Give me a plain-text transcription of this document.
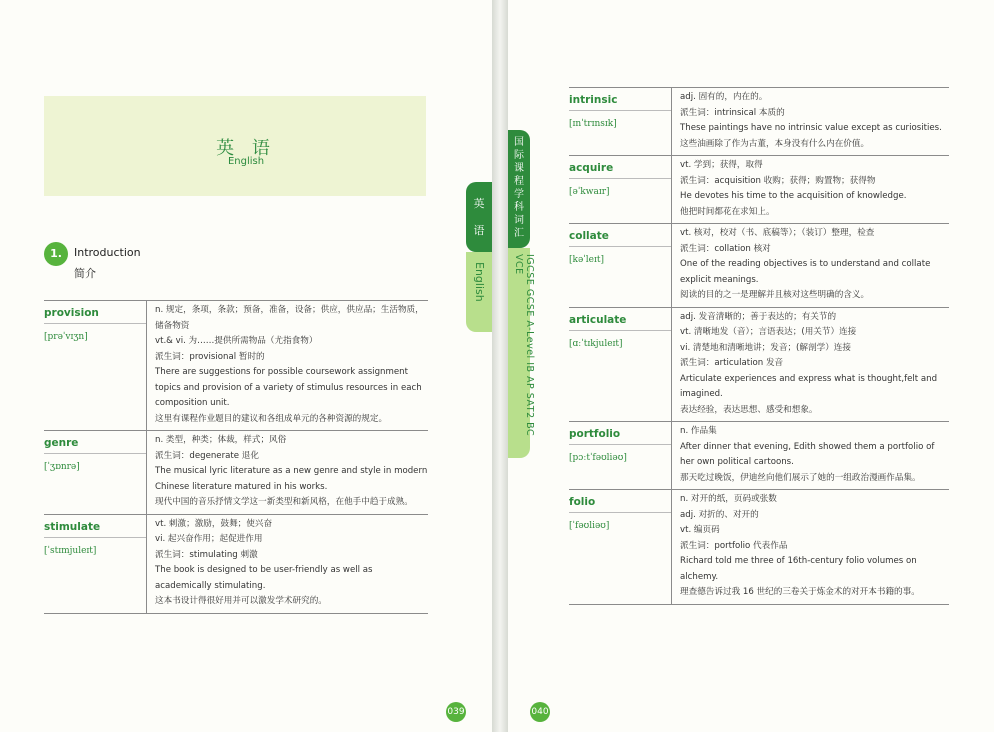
英 语
English
1.	Introduction
简介
英
语
English
provision
[prəˈvɪʒn]
n. 规定，条项，条款；预备，准备，设备；供应，供应品；生活物质，储备物资
vt.& vi. 为……提供所需物品（尤指食物）
派生词：provisional 暂时的
There are suggestions for possible coursework assignment topics and provision of a variety of stimulus resources in each composition unit.
这里有课程作业题目的建议和各组成单元的各种资源的规定。
genre
[ˈʒɒnrə]
n. 类型，种类；体裁，样式；风俗
派生词：degenerate 退化
The musical lyric literature as a new genre and style in modern Chinese literature matured in his works.
现代中国的音乐抒情文学这一新类型和新风格，在他手中趋于成熟。
stimulate
[ˈstɪmjuleɪt]
vt. 刺激；激励，鼓舞；使兴奋
vi. 起兴奋作用；起促进作用
派生词：stimulating 刺激
The book is designed to be user-friendly as well as academically stimulating.
这本书设计得很好用并可以激发学术研究的。
039
国
际
课
程
学
科
词
汇
IGCSE GCSE A-Level IB AP SAT2 BC VCE
intrinsic
[ɪnˈtrɪnsɪk]
adj. 固有的，内在的。
派生词：intrinsical 本质的
These paintings have no intrinsic value except as curiosities.
这些油画除了作为古董，本身没有什么内在价值。
acquire
[əˈkwaɪr]
vt. 学到；获得，取得
派生词：acquisition 收购；获得；购置物；获得物
He devotes his time to the acquisition of knowledge.
他把时间都花在求知上。
collate
[kəˈleɪt]
vt. 核对，校对（书、底稿等）；（装订）整理，检查
派生词：collation 核对
One of the reading objectives is to understand and collate explicit meanings.
阅读的目的之一是理解并且核对这些明确的含义。
articulate
[ɑːˈtɪkjuleɪt]
adj. 发音清晰的；善于表达的；有关节的
vt. 清晰地发（音）；言语表达；(用关节）连接
vi. 清楚地和清晰地讲；发音；(解剖学）连接
派生词：articulation 发音
Articulate experiences and express what is thought,felt and imagined.
表达经验，表达思想、感受和想象。
portfolio
[pɔːtˈfəʊliəʊ]
n. 作品集
After dinner that evening, Edith showed them a portfolio of her own political cartoons.
那天吃过晚饭，伊迪丝向他们展示了她的一组政治漫画作品集。
folio
[ˈfəʊliəʊ]
n. 对开的纸，页码或张数
adj. 对折的、对开的
vt. 编页码
派生词：portfolio 代表作品
Richard told me three of 16th-century folio volumes on alchemy.
理查德告诉过我 16 世纪的三卷关于炼金术的对开本书籍的事。
040
